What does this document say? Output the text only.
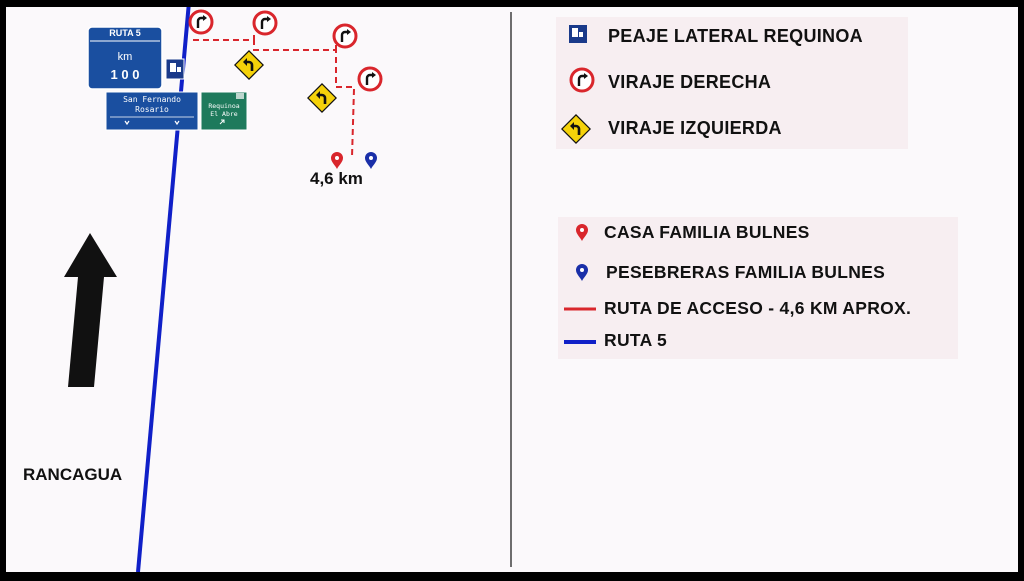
RUTA 5
km
1 0 0
San Fernando
Rosario	Requinoa
El Abre
4,6 km
RANCAGUA
PEAJE LATERAL REQUINOA
VIRAJE DERECHA
VIRAJE IZQUIERDA
CASA FAMILIA BULNES
PESEBRERAS FAMILIA BULNES
RUTA DE ACCESO - 4,6 KM APROX.
RUTA 5
